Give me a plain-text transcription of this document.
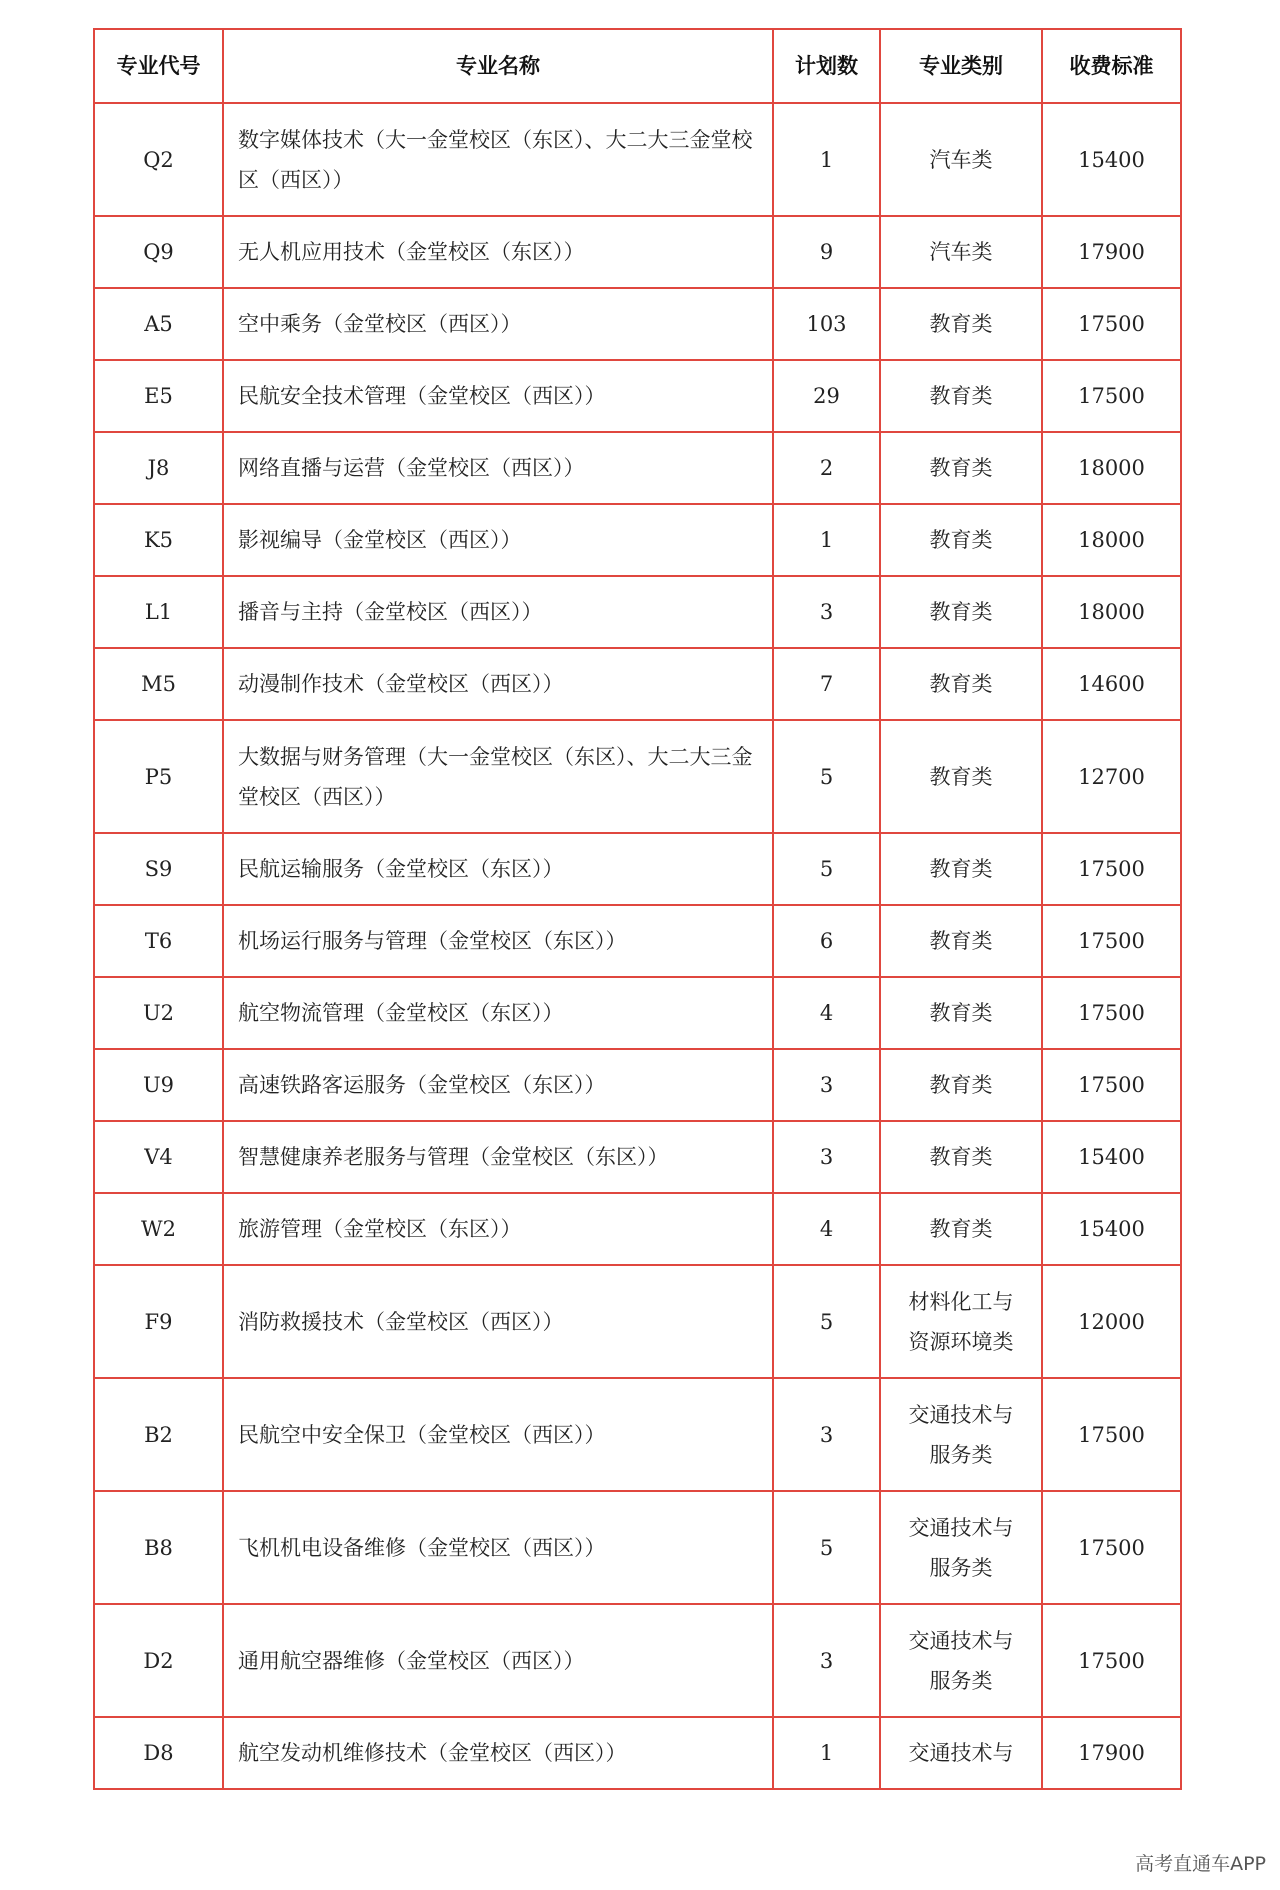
专业代号	专业名称	计划数	专业类别	收费标准
Q2	数字媒体技术（大一金堂校区（东区）、大二大三金堂校区（西区））	1	汽车类	15400
Q9	无人机应用技术（金堂校区（东区））	9	汽车类	17900
A5	空中乘务（金堂校区（西区））	103	教育类	17500
E5	民航安全技术管理（金堂校区（西区））	29	教育类	17500
J8	网络直播与运营（金堂校区（西区））	2	教育类	18000
K5	影视编导（金堂校区（西区））	1	教育类	18000
L1	播音与主持（金堂校区（西区））	3	教育类	18000
M5	动漫制作技术（金堂校区（西区））	7	教育类	14600
P5	大数据与财务管理（大一金堂校区（东区）、大二大三金堂校区（西区））	5	教育类	12700
S9	民航运输服务（金堂校区（东区））	5	教育类	17500
T6	机场运行服务与管理（金堂校区（东区））	6	教育类	17500
U2	航空物流管理（金堂校区（东区））	4	教育类	17500
U9	高速铁路客运服务（金堂校区（东区））	3	教育类	17500
V4	智慧健康养老服务与管理（金堂校区（东区））	3	教育类	15400
W2	旅游管理（金堂校区（东区））	4	教育类	15400
F9	消防救援技术（金堂校区（西区））	5	材料化工与资源环境类	12000
B2	民航空中安全保卫（金堂校区（西区））	3	交通技术与服务类	17500
B8	飞机机电设备维修（金堂校区（西区））	5	交通技术与服务类	17500
D2	通用航空器维修（金堂校区（西区））	3	交通技术与服务类	17500
D8	航空发动机维修技术（金堂校区（西区））	1	交通技术与	17900
高考直通车APP
